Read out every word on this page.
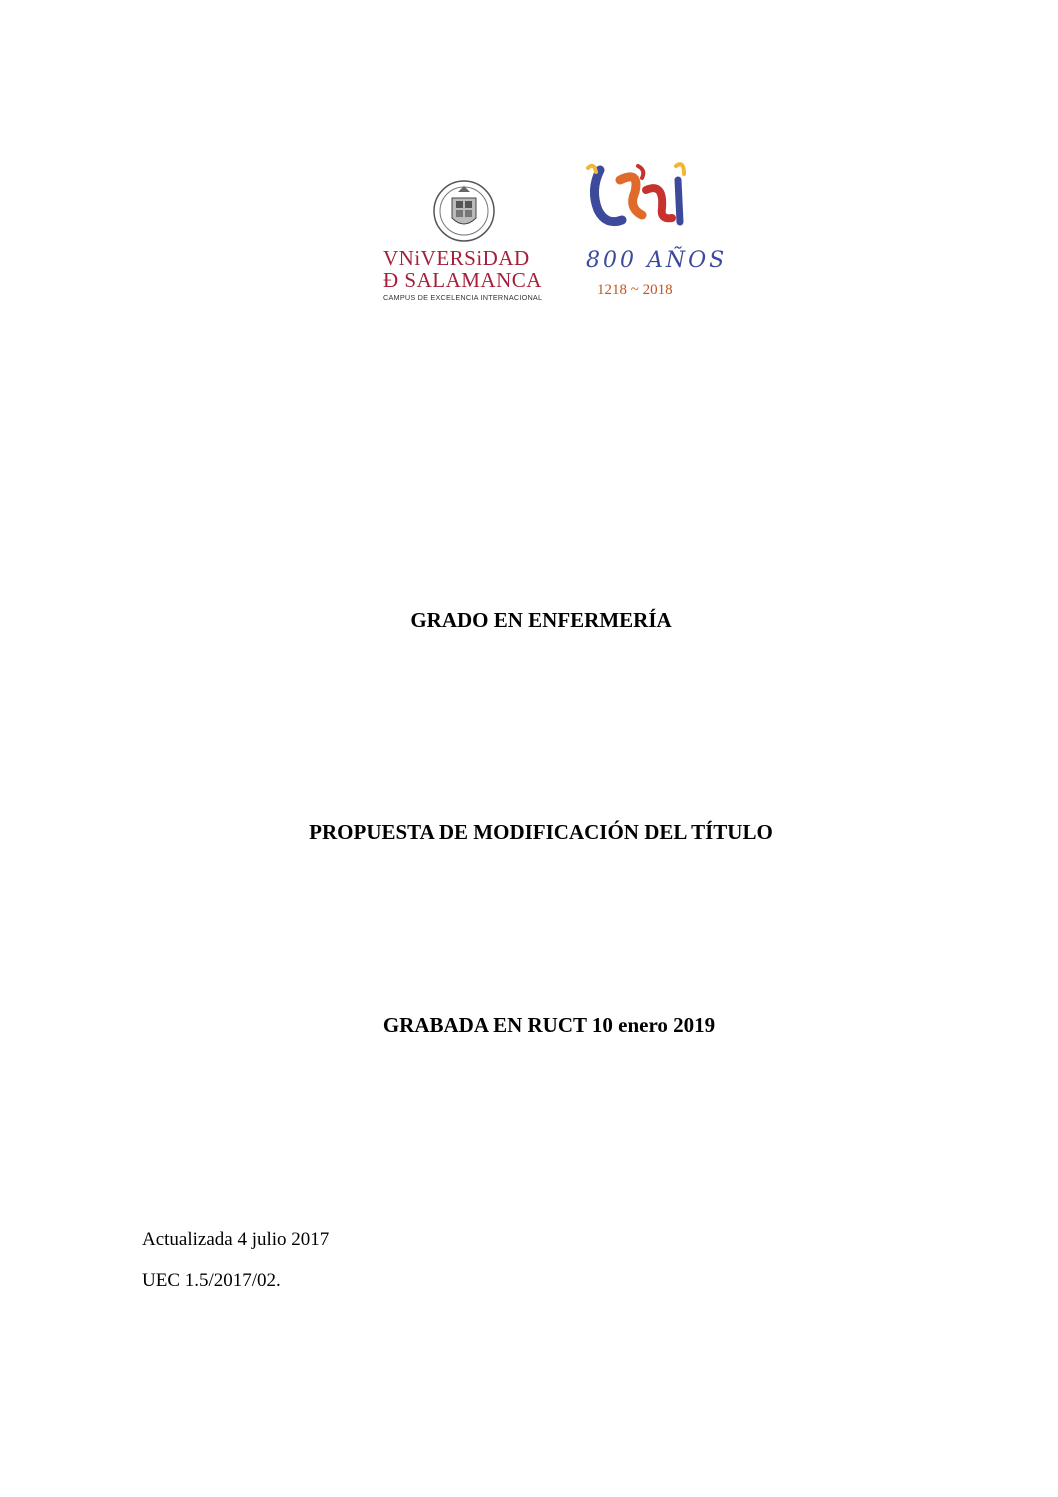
VNiVERSiDAD
Ð SALAMANCA
CAMPUS DE EXCELENCIA INTERNACIONAL
800 AÑOS
1218 ~ 2018
GRADO EN ENFERMERÍA
PROPUESTA DE MODIFICACIÓN DEL TÍTULO
GRABADA EN RUCT 10 enero 2019
Actualizada 4 julio 2017
UEC 1.5/2017/02.
